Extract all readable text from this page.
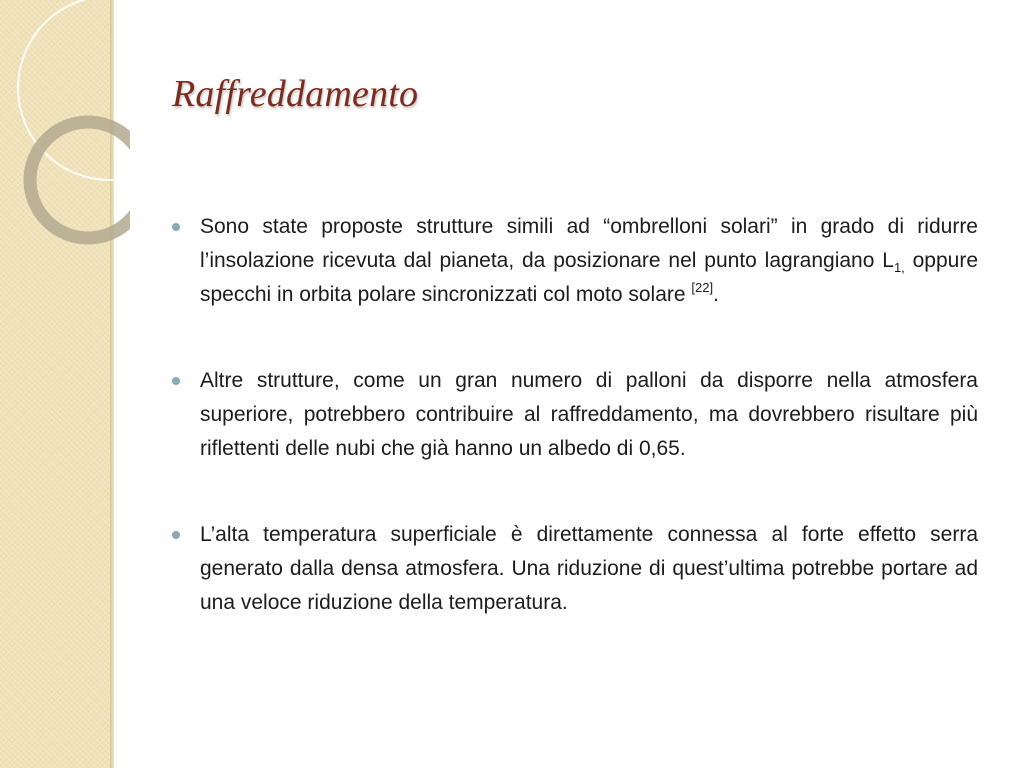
Raffreddamento
Sono state proposte strutture simili ad “ombrelloni solari” in grado di ridurre l’insolazione ricevuta dal pianeta, da posizionare nel punto lagrangiano $L_{1,}$ oppure specchi in orbita polare sincronizzati col moto solare [22].
Altre strutture, come un gran numero di palloni da disporre nella atmosfera superiore, potrebbero contribuire al raffreddamento, ma dovrebbero risultare più riflettenti delle nubi che già hanno un albedo di 0,65.
L’alta temperatura superficiale è direttamente connessa al forte effetto serra generato dalla densa atmosfera. Una riduzione di quest’ultima potrebbe portare ad una veloce riduzione della temperatura.
